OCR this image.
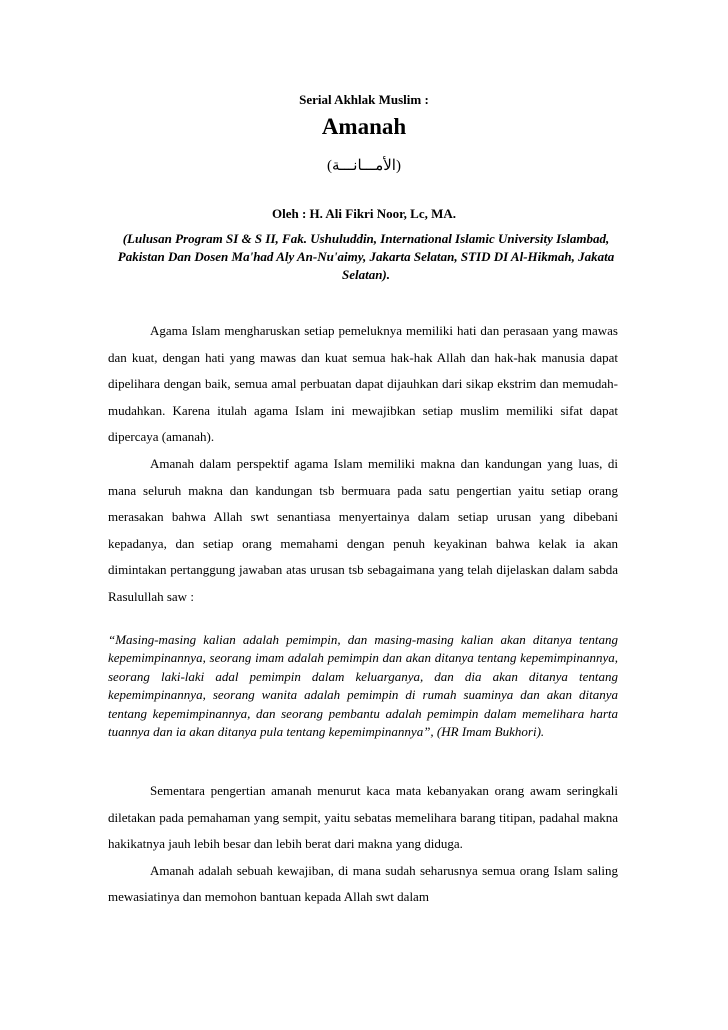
Serial Akhlak Muslim :
Amanah
(الأمـــانـــة)
Oleh : H. Ali Fikri Noor, Lc, MA.
(Lulusan Program SI & S II, Fak. Ushuluddin, International Islamic University Islambad, Pakistan Dan Dosen Ma'had Aly An-Nu'aimy, Jakarta Selatan, STID DI Al-Hikmah, Jakata Selatan).

Agama Islam mengharuskan setiap pemeluknya memiliki hati dan perasaan yang mawas dan kuat, dengan hati yang mawas dan kuat semua hak-hak Allah dan hak-hak manusia dapat dipelihara dengan baik, semua amal perbuatan dapat dijauhkan dari sikap ekstrim dan memudah-mudahkan. Karena itulah agama Islam ini mewajibkan setiap muslim memiliki sifat dapat dipercaya (amanah).

Amanah dalam perspektif agama Islam memiliki makna dan kandungan yang luas, di mana seluruh makna dan kandungan tsb bermuara pada satu pengertian yaitu setiap orang merasakan bahwa Allah swt senantiasa menyertainya dalam setiap urusan yang dibebani kepadanya, dan setiap orang memahami dengan penuh keyakinan bahwa kelak ia akan dimintakan pertanggung jawaban atas urusan tsb sebagaimana yang telah dijelaskan dalam sabda Rasulullah saw :

“Masing-masing kalian adalah pemimpin, dan masing-masing kalian akan ditanya tentang kepemimpinannya, seorang imam adalah pemimpin dan akan ditanya tentang kepemimpinannya, seorang laki-laki adal pemimpin dalam keluarganya, dan dia akan ditanya tentang kepemimpinannya, seorang wanita adalah pemimpin di rumah suaminya dan akan ditanya tentang kepemimpinannya, dan seorang pembantu adalah pemimpin dalam memelihara harta tuannya dan ia akan ditanya pula tentang kepemimpinannya”, (HR Imam Bukhori).

Sementara pengertian amanah menurut kaca mata kebanyakan orang awam seringkali diletakan pada pemahaman yang sempit, yaitu sebatas memelihara barang titipan, padahal makna hakikatnya jauh lebih besar dan lebih berat dari makna yang diduga.

Amanah adalah sebuah kewajiban, di mana sudah seharusnya semua orang Islam saling mewasiatinya dan memohon bantuan kepada Allah swt dalam
